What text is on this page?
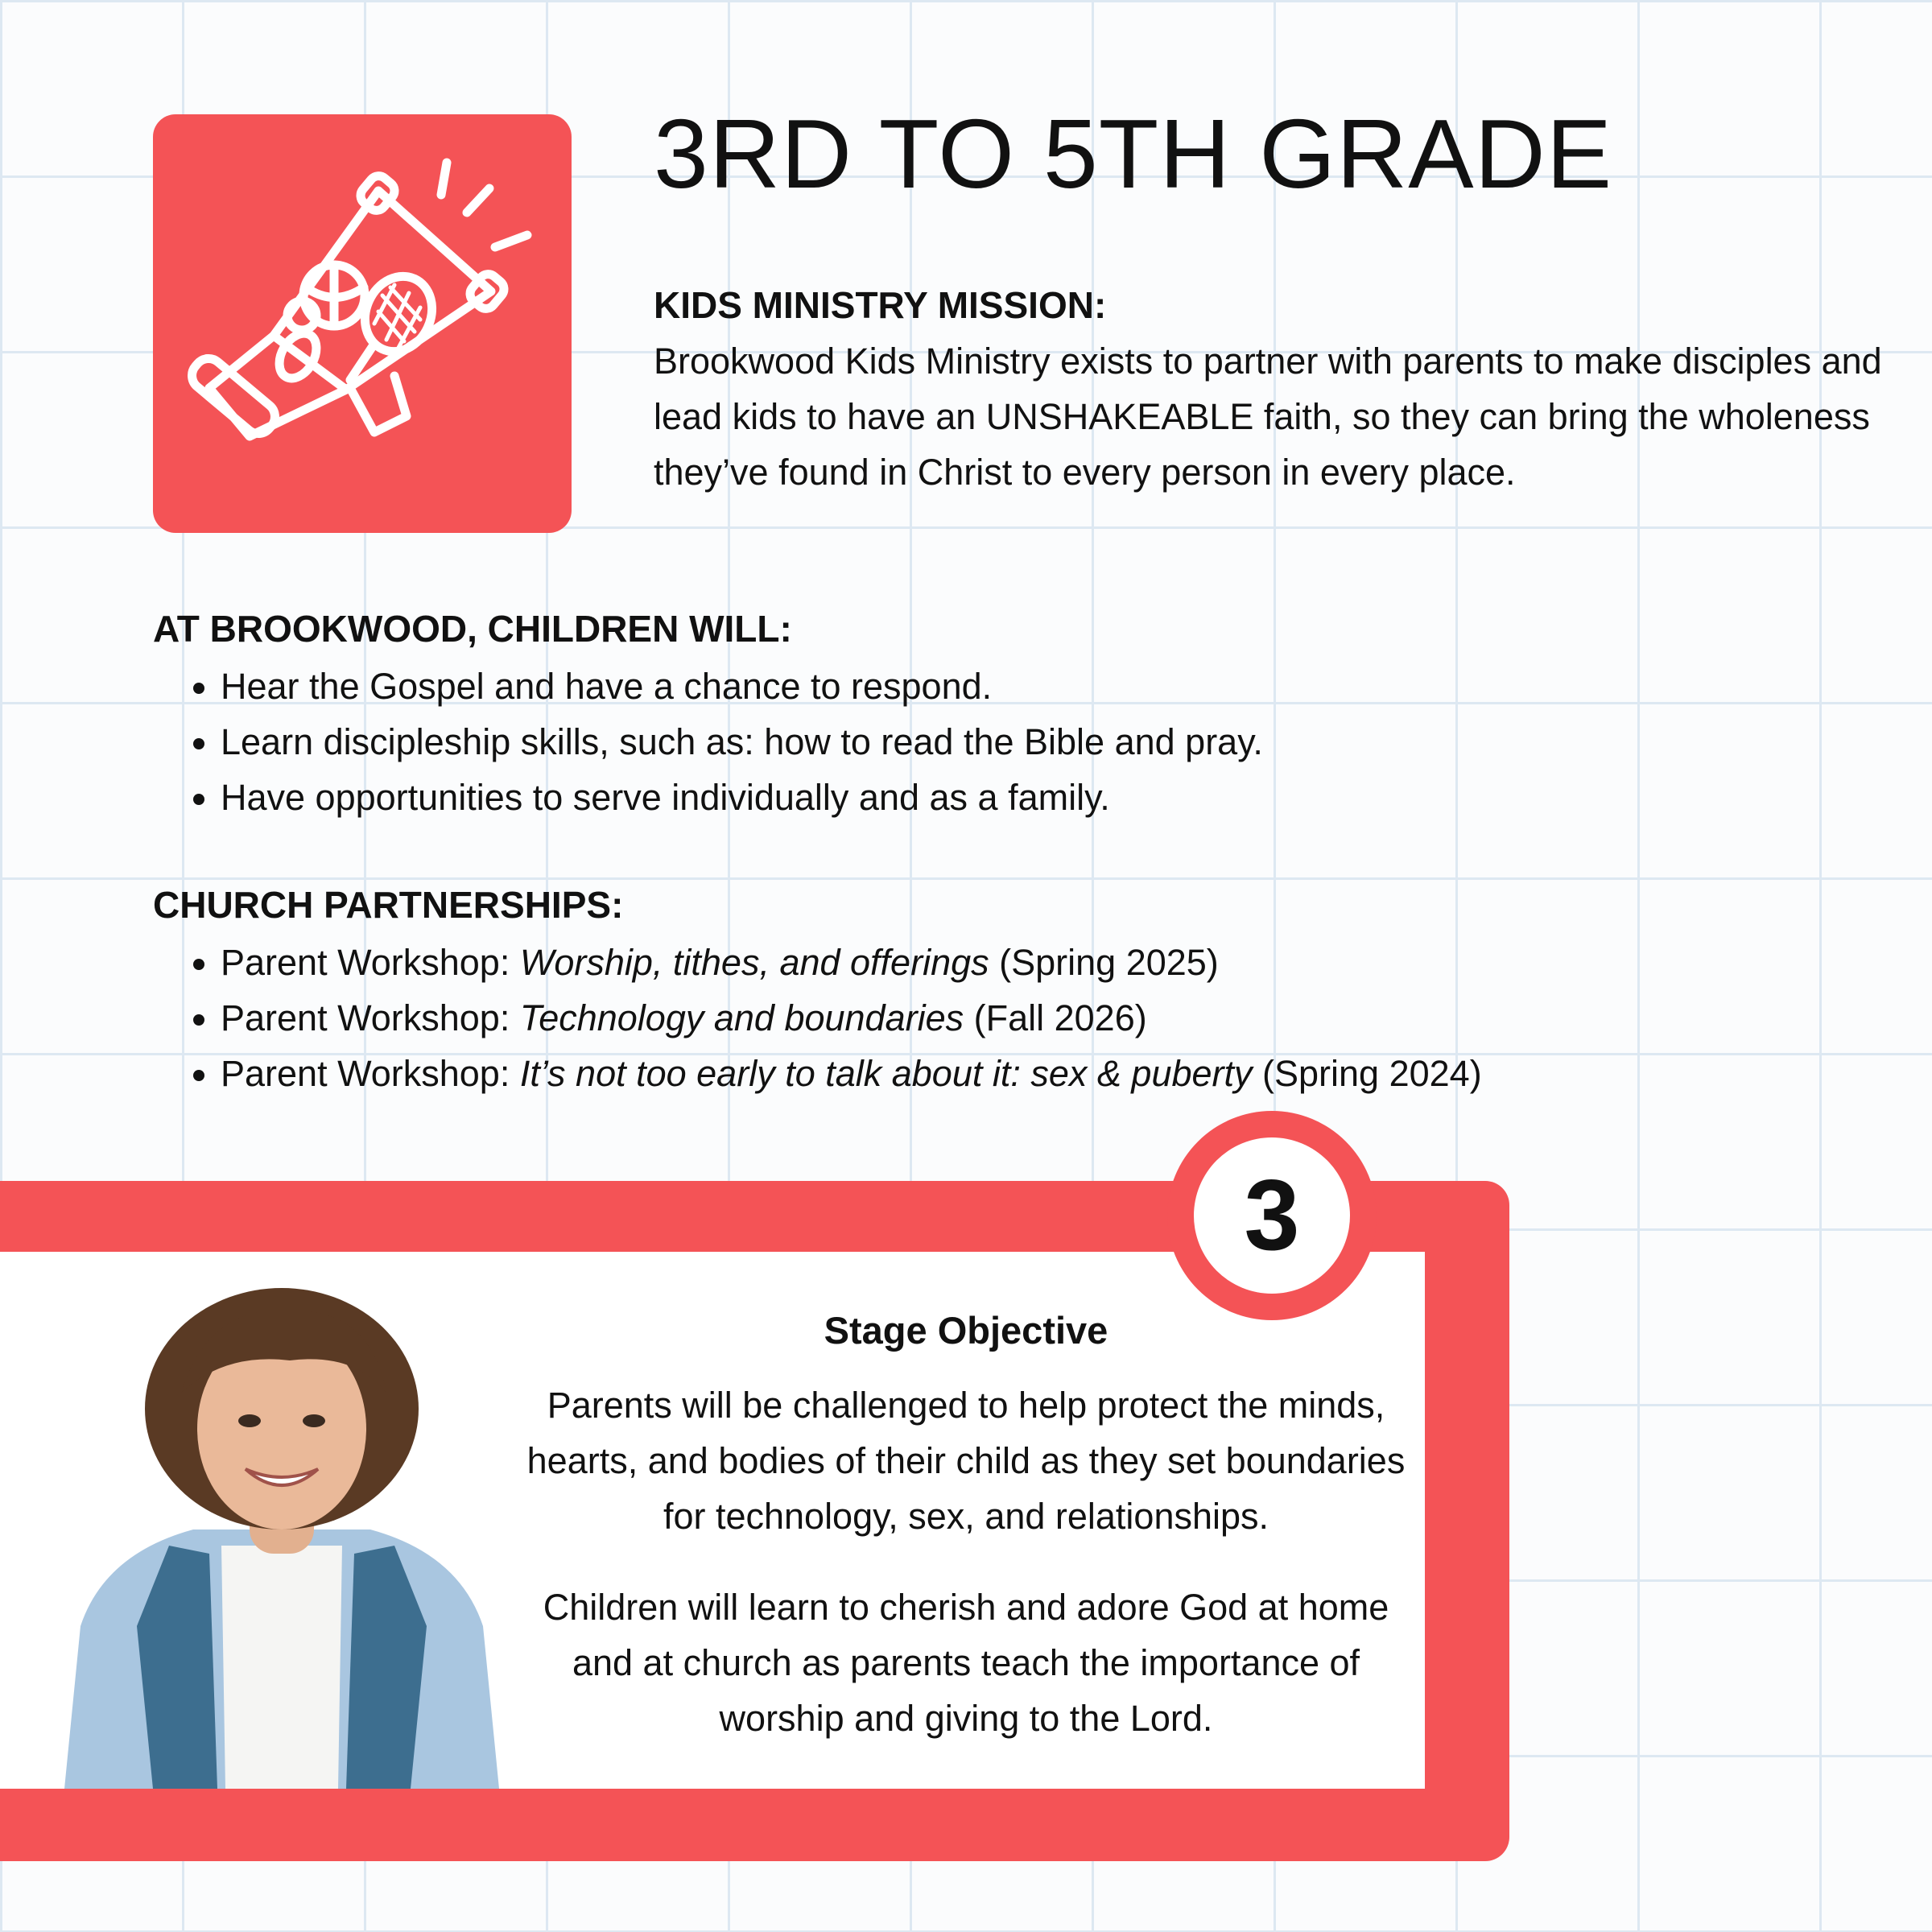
3RD TO 5TH GRADE
KIDS MINISTRY MISSION:

Brookwood Kids Ministry exists to partner with parents to make disciples and lead kids to have an UNSHAKEABLE faith, so they can bring the wholeness they’ve found in Christ to every person in every place.

AT BROOKWOOD, CHILDREN WILL:
• Hear the Gospel and have a chance to respond.
• Learn discipleship skills, such as: how to read the Bible and pray.
• Have opportunities to serve individually and as a family.
CHURCH PARTNERSHIPS:
• Parent Workshop: Worship, tithes, and offerings (Spring 2025)
• Parent Workshop: Technology and boundaries (Fall 2026)
• Parent Workshop: It’s not too early to talk about it: sex & puberty (Spring 2024)
3
Stage Objective

Parents will be challenged to help protect the minds, hearts, and bodies of their child as they set boundaries for technology, sex, and relationships.

Children will learn to cherish and adore God at home and at church as parents teach the importance of worship and giving to the Lord.
